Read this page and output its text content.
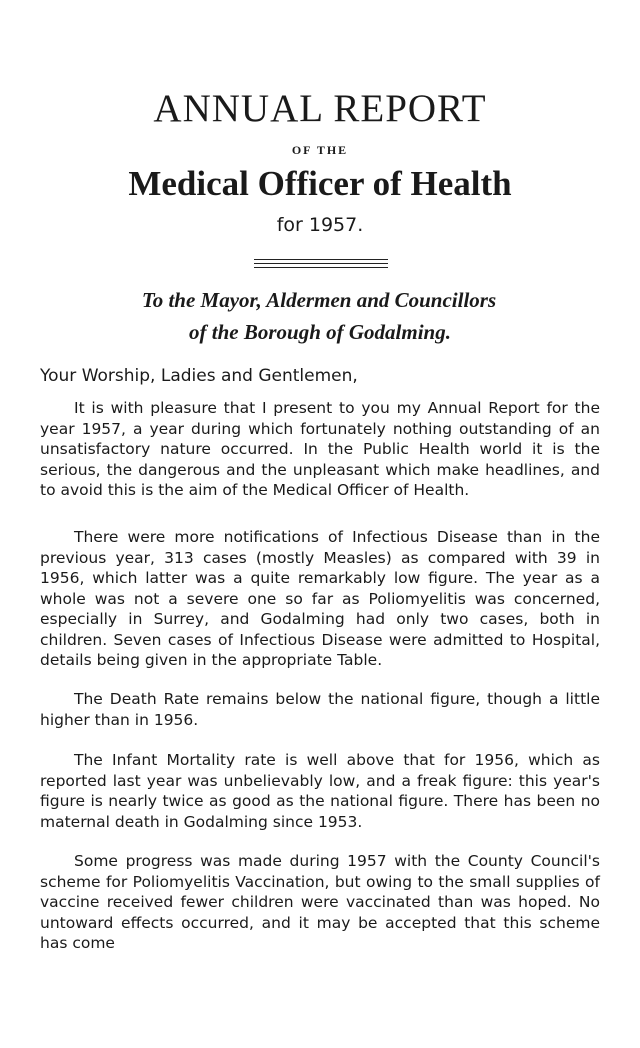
ANNUAL REPORT
OF THE
Medical Officer of Health
for 1957.
To the Mayor, Aldermen and Councillors
of the Borough of Godalming.
Your Worship, Ladies and Gentlemen,

It is with pleasure that I present to you my Annual Report for the year 1957, a year during which fortunately nothing outstanding of an unsatisfactory nature occurred. In the Public Health world it is the serious, the dangerous and the unpleasant which make headlines, and to avoid this is the aim of the Medical Officer of Health.

There were more notifications of Infectious Disease than in the previous year, 313 cases (mostly Measles) as compared with 39 in 1956, which latter was a quite remarkably low figure. The year as a whole was not a severe one so far as Poliomyelitis was concerned, especially in Surrey, and Godalming had only two cases, both in children. Seven cases of Infectious Disease were admitted to Hospital, details being given in the appropriate Table.

The Death Rate remains below the national figure, though a little higher than in 1956.

The Infant Mortality rate is well above that for 1956, which as reported last year was unbelievably low, and a freak figure: this year's figure is nearly twice as good as the national figure. There has been no maternal death in Godalming since 1953.

Some progress was made during 1957 with the County Council's scheme for Poliomyelitis Vaccination, but owing to the small supplies of vaccine received fewer children were vaccinated than was hoped. No untoward effects occurred, and it may be accepted that this scheme has come
